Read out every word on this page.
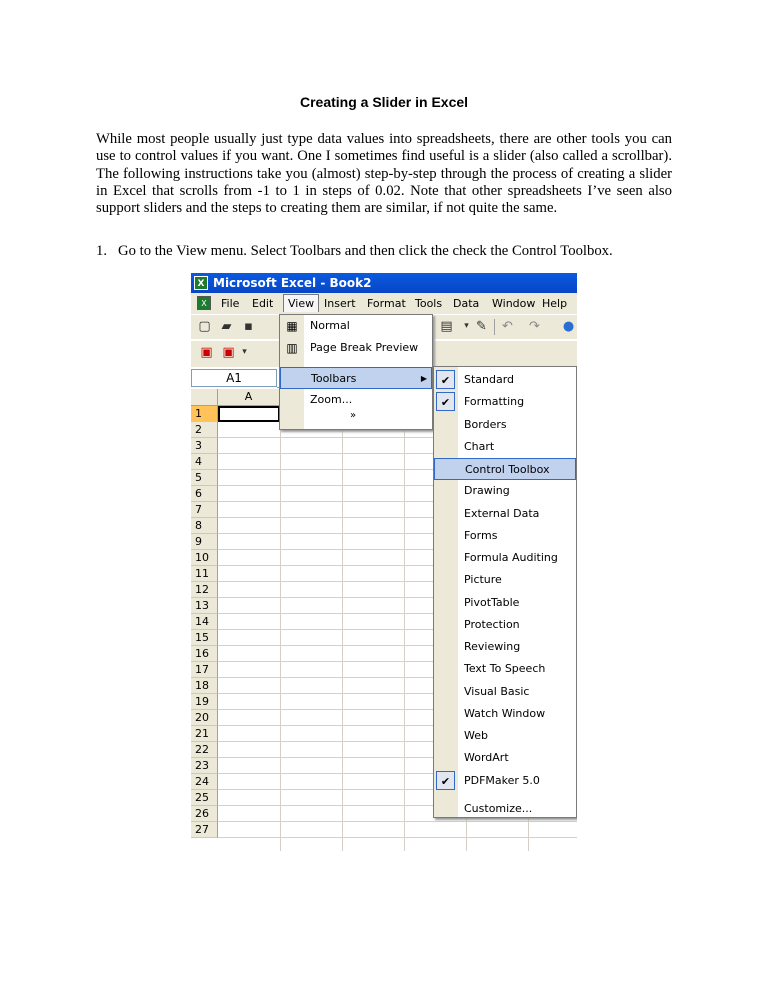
Creating a Slider in Excel
While most people usually just type data values into spreadsheets, there are other tools you can use to control values if you want. One I sometimes find useful is a slider (also called a scrollbar). The following instructions take you (almost) step-by-step through the process of creating a slider in Excel that scrolls from -1 to 1 in steps of 0.02. Note that other spreadsheets I’ve seen also support sliders and the steps to creating them are similar, if not quite the same.
1. Go to the View menu. Select Toolbars and then click the check the Control Toolbox.
X Microsoft Excel - Book2
X	File Edit	View Insert Format Tools Data Window Help
▢ ▰ ▪	▤	▾ ✎ ↶ ↷ ●
▣ ▣ ▾
A1
A
1
2
3
4
5
6
7
8
9
10
11
12
13
14
15
16
17
18
19
20
21
22
23
24
25
26
27
▦ Normal
▥ Page Break Preview
Toolbars	▶
Zoom...
»
✔	Standard
✔	Formatting
Borders
Chart
Control Toolbox
Drawing
External Data
Forms
Formula Auditing
Picture
PivotTable
Protection
Reviewing
Text To Speech
Visual Basic
Watch Window
Web
WordArt
✔	PDFMaker 5.0
Customize...
